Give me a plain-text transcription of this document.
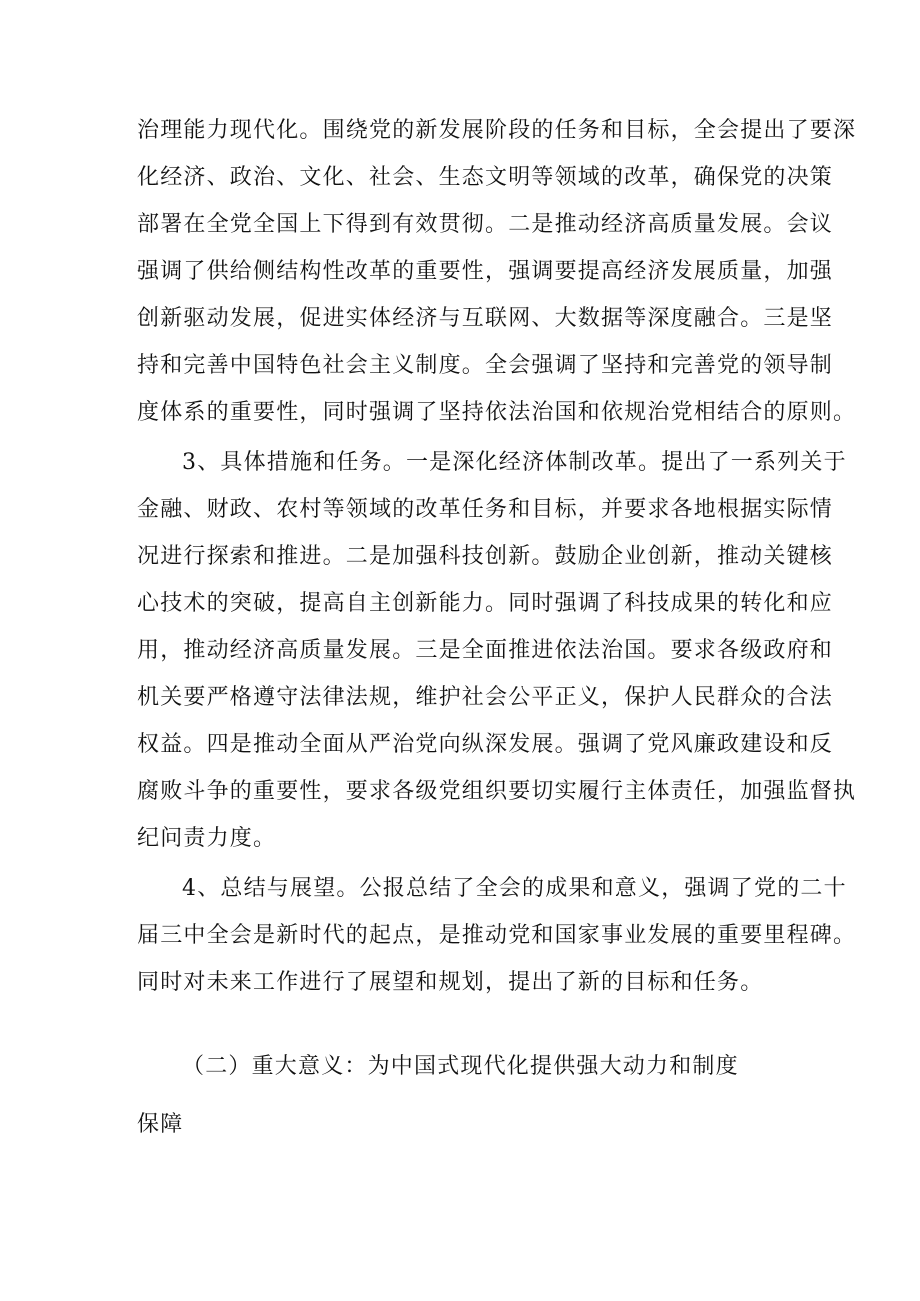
治理能力现代化。围绕党的新发展阶段的任务和目标，全会提出了要深
化经济、政治、文化、社会、生态文明等领域的改革，确保党的决策
部署在全党全国上下得到有效贯彻。二是推动经济高质量发展。会议
强调了供给侧结构性改革的重要性，强调要提高经济发展质量，加强
创新驱动发展，促进实体经济与互联网、大数据等深度融合。三是坚
持和完善中国特色社会主义制度。全会强调了坚持和完善党的领导制
度体系的重要性，同时强调了坚持依法治国和依规治党相结合的原则。
3、具体措施和任务。一是深化经济体制改革。提出了一系列关于
金融、财政、农村等领域的改革任务和目标，并要求各地根据实际情
况进行探索和推进。二是加强科技创新。鼓励企业创新，推动关键核
心技术的突破，提高自主创新能力。同时强调了科技成果的转化和应
用，推动经济高质量发展。三是全面推进依法治国。要求各级政府和
机关要严格遵守法律法规，维护社会公平正义，保护人民群众的合法
权益。四是推动全面从严治党向纵深发展。强调了党风廉政建设和反
腐败斗争的重要性，要求各级党组织要切实履行主体责任，加强监督执
纪问责力度。
4、总结与展望。公报总结了全会的成果和意义，强调了党的二十
届三中全会是新时代的起点，是推动党和国家事业发展的重要里程碑。
同时对未来工作进行了展望和规划，提出了新的目标和任务。
（二）重大意义：为中国式现代化提供强大动力和制度
保障
